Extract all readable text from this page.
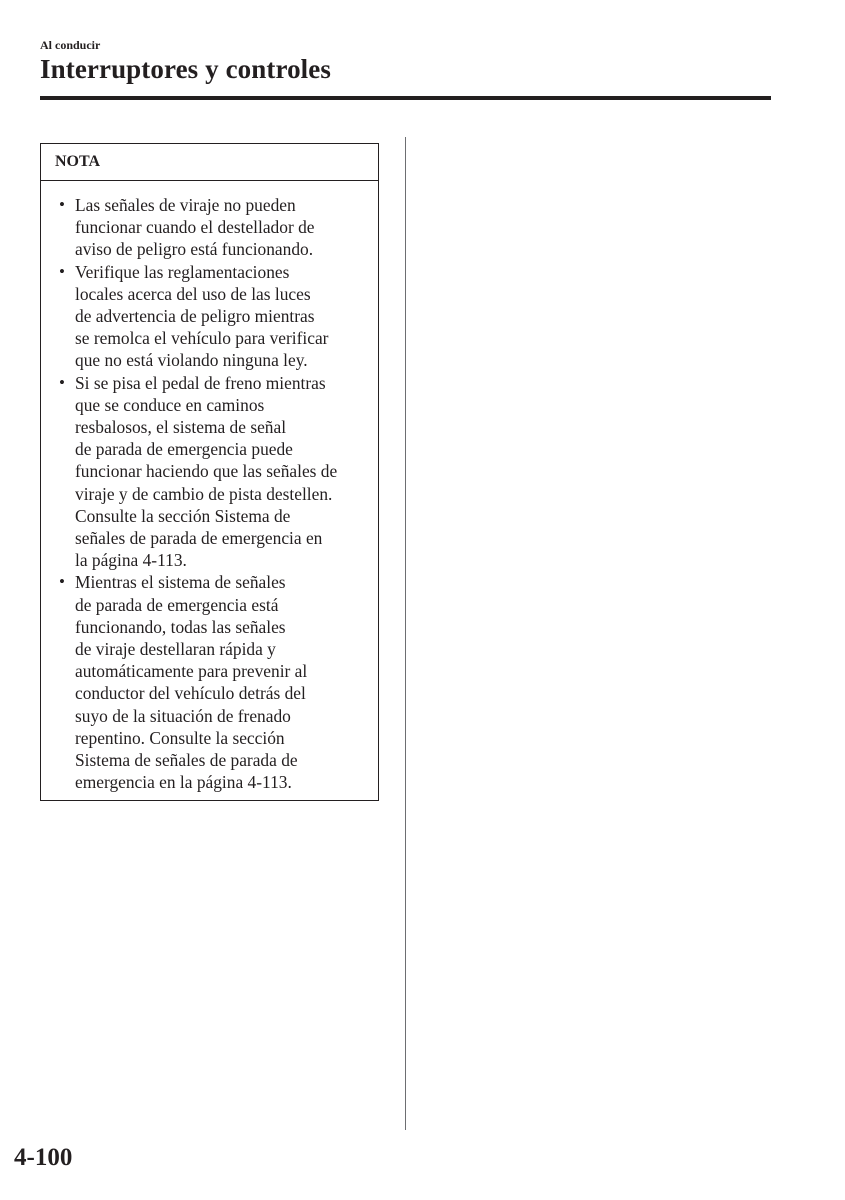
Al conducir

Interruptores y controles
NOTA
• Las señales de viraje no pueden
funcionar cuando el destellador de
aviso de peligro está funcionando.
• Verifique las reglamentaciones
locales acerca del uso de las luces
de advertencia de peligro mientras
se remolca el vehículo para verificar
que no está violando ninguna ley.
• Si se pisa el pedal de freno mientras
que se conduce en caminos
resbalosos, el sistema de señal
de parada de emergencia puede
funcionar haciendo que las señales de
viraje y de cambio de pista destellen.
Consulte la sección Sistema de
señales de parada de emergencia en
la página 4-113.
• Mientras el sistema de señales
de parada de emergencia está
funcionando, todas las señales
de viraje destellaran rápida y
automáticamente para prevenir al
conductor del vehículo detrás del
suyo de la situación de frenado
repentino. Consulte la sección
Sistema de señales de parada de
emergencia en la página 4-113.

4-100
